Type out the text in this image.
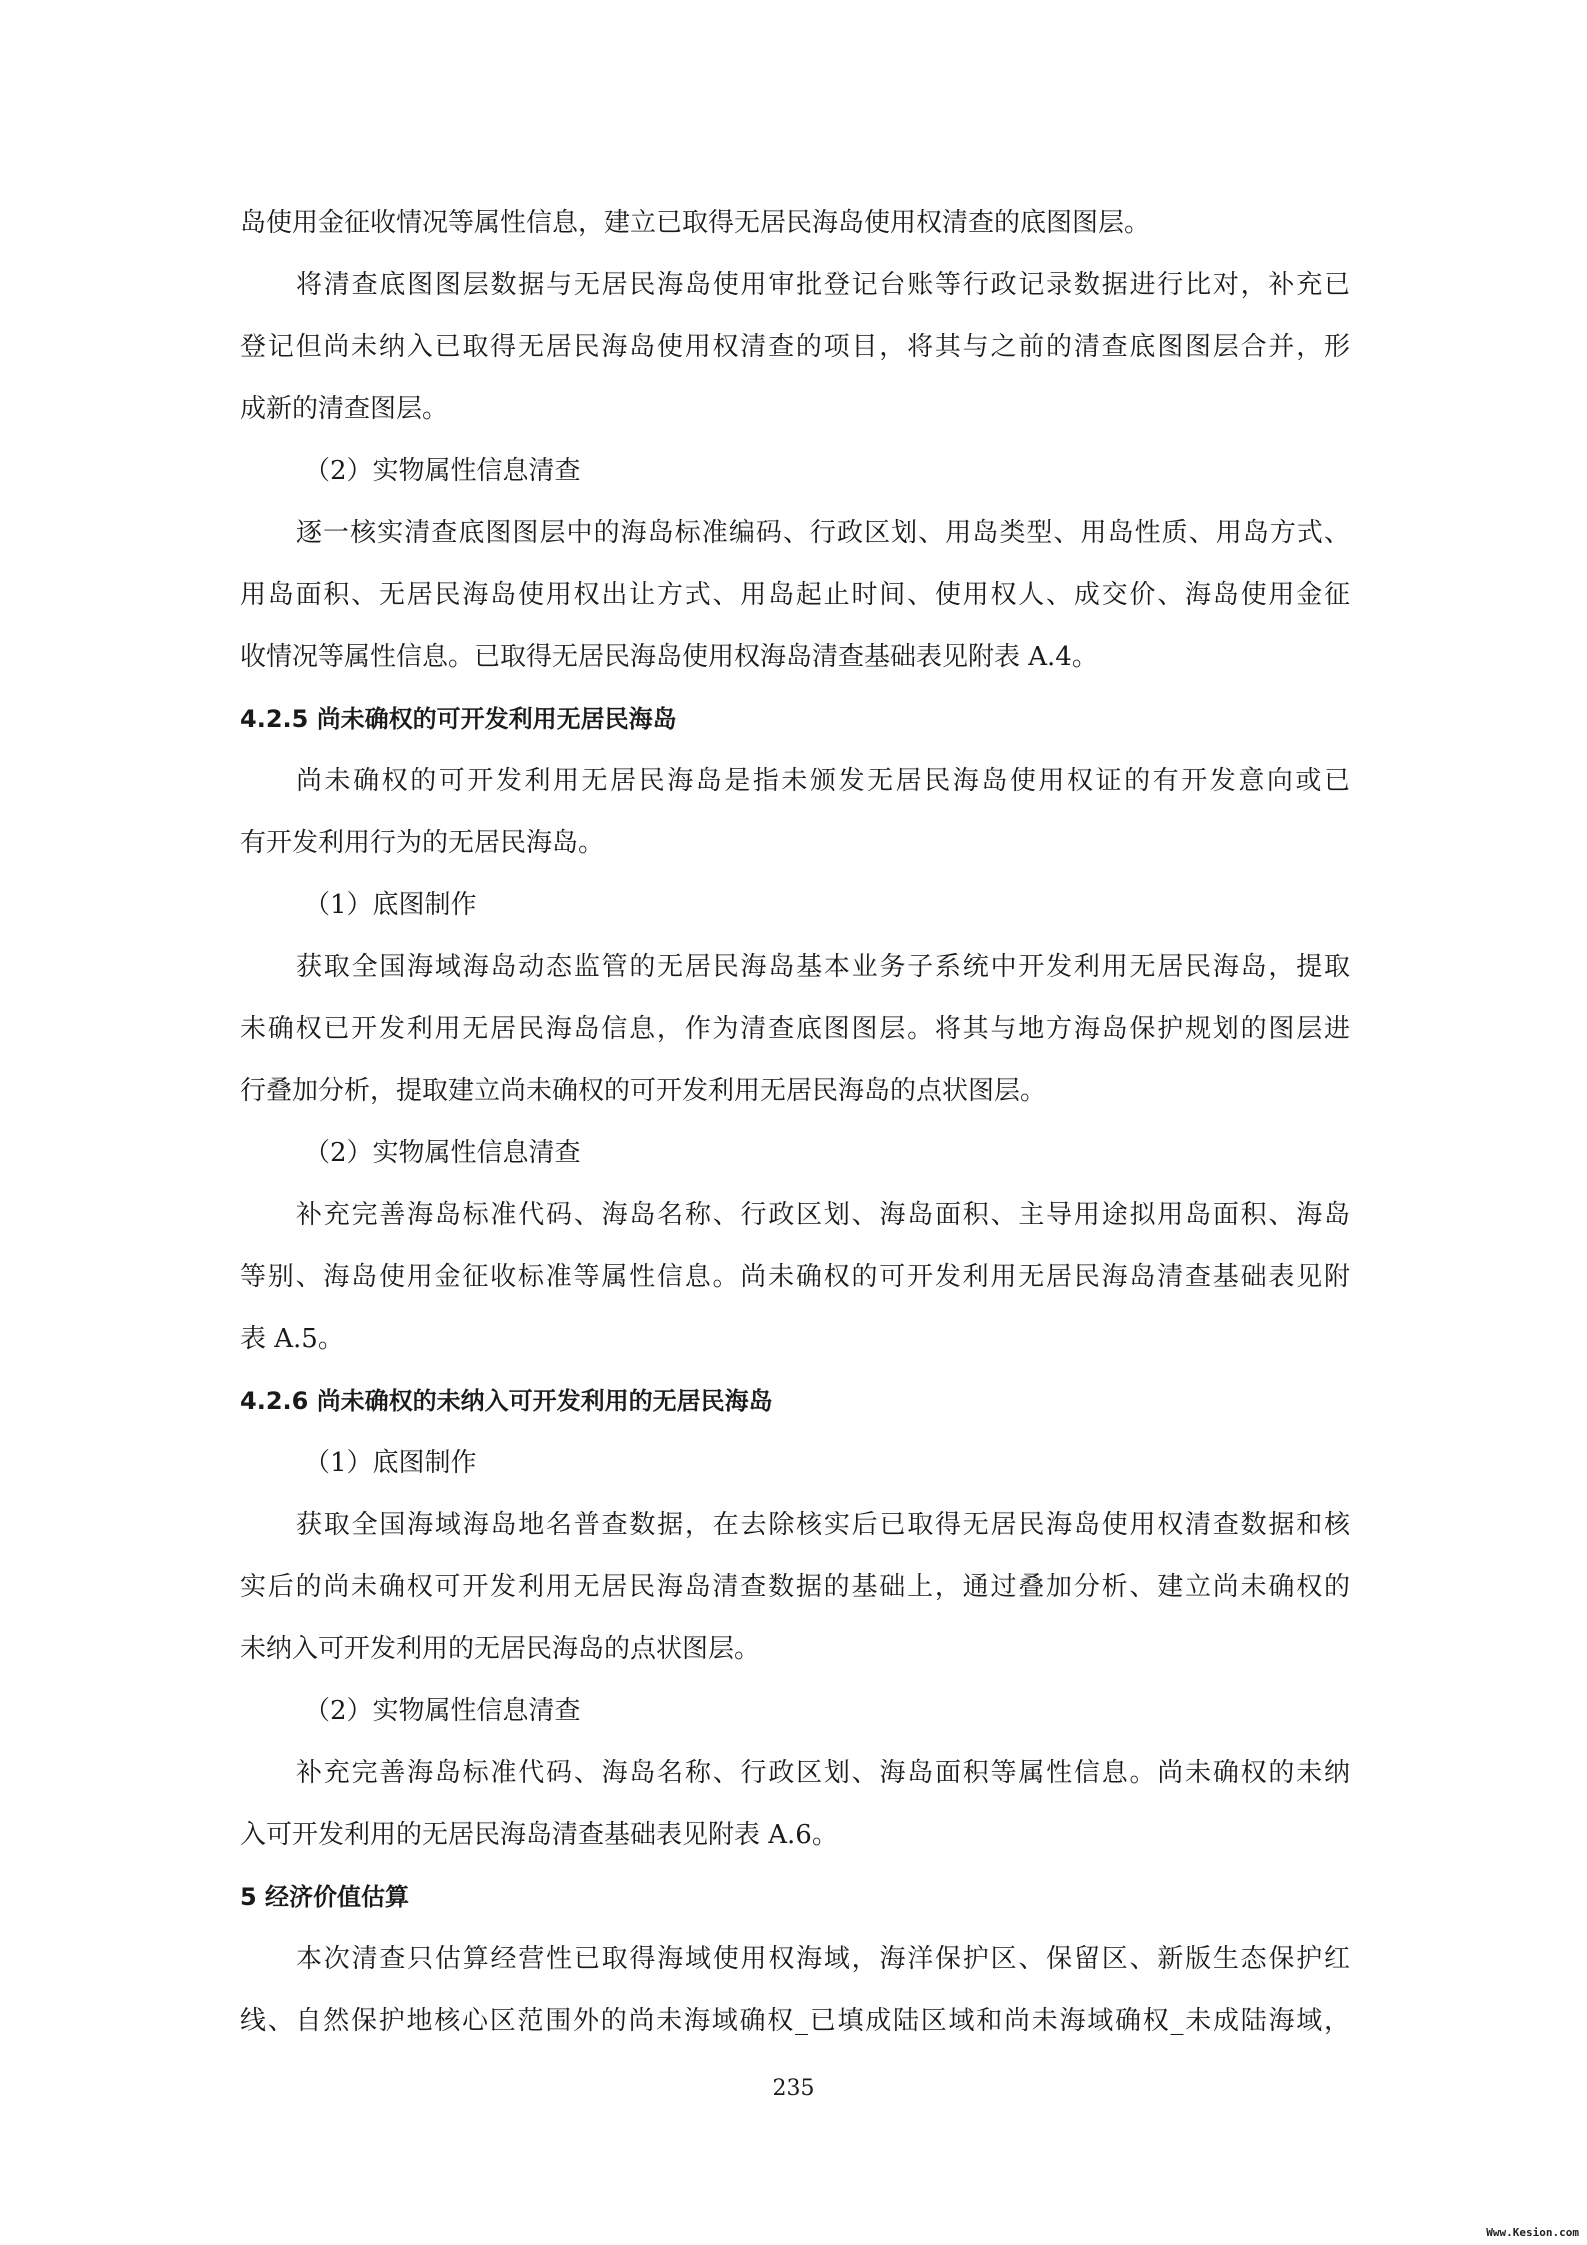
岛使用金征收情况等属性信息，建立已取得无居民海岛使用权清查的底图图层。
将清查底图图层数据与无居民海岛使用审批登记台账等行政记录数据进行比对，补充已
登记但尚未纳入已取得无居民海岛使用权清查的项目，将其与之前的清查底图图层合并，形
成新的清查图层。
（2）实物属性信息清查
逐一核实清查底图图层中的海岛标准编码、行政区划、用岛类型、用岛性质、用岛方式、
用岛面积、无居民海岛使用权出让方式、用岛起止时间、使用权人、成交价、海岛使用金征
收情况等属性信息。已取得无居民海岛使用权海岛清查基础表见附表 A.4。
4.2.5 尚未确权的可开发利用无居民海岛
尚未确权的可开发利用无居民海岛是指未颁发无居民海岛使用权证的有开发意向或已
有开发利用行为的无居民海岛。
（1）底图制作
获取全国海域海岛动态监管的无居民海岛基本业务子系统中开发利用无居民海岛，提取
未确权已开发利用无居民海岛信息，作为清查底图图层。将其与地方海岛保护规划的图层进
行叠加分析，提取建立尚未确权的可开发利用无居民海岛的点状图层。
（2）实物属性信息清查
补充完善海岛标准代码、海岛名称、行政区划、海岛面积、主导用途拟用岛面积、海岛
等别、海岛使用金征收标准等属性信息。尚未确权的可开发利用无居民海岛清查基础表见附
表 A.5。
4.2.6 尚未确权的未纳入可开发利用的无居民海岛
（1）底图制作
获取全国海域海岛地名普查数据，在去除核实后已取得无居民海岛使用权清查数据和核
实后的尚未确权可开发利用无居民海岛清查数据的基础上，通过叠加分析、建立尚未确权的
未纳入可开发利用的无居民海岛的点状图层。
（2）实物属性信息清查
补充完善海岛标准代码、海岛名称、行政区划、海岛面积等属性信息。尚未确权的未纳
入可开发利用的无居民海岛清查基础表见附表 A.6。
5 经济价值估算
本次清查只估算经营性已取得海域使用权海域，海洋保护区、保留区、新版生态保护红
线、自然保护地核心区范围外的尚未海域确权_已填成陆区域和尚未海域确权_未成陆海域，
235
Www.Kesion.com
